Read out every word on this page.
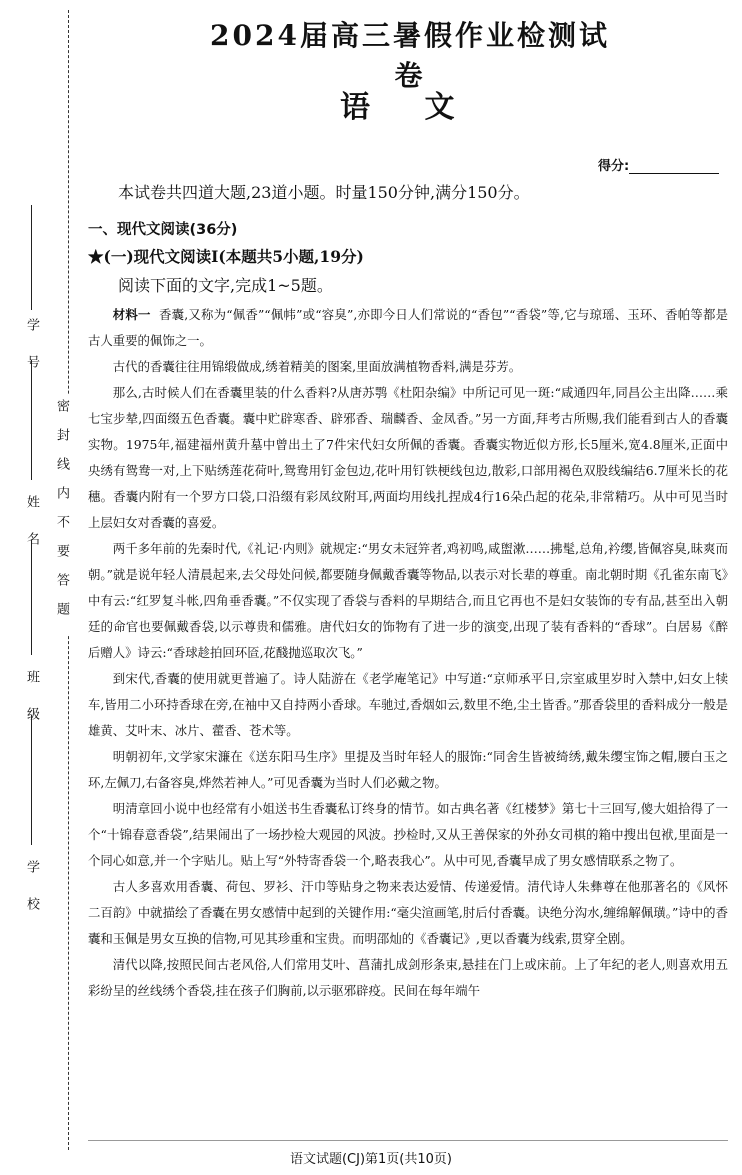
学 号
姓 名
班 级
学 校
密封线内不要答题
2024届高三暑假作业检测试卷
语 文
得分:
本试卷共四道大题,23道小题。时量150分钟,满分150分。
一、现代文阅读(36分)
★(一)现代文阅读Ⅰ(本题共5小题,19分)
阅读下面的文字,完成1~5题。

材料一 香囊,又称为“佩香”“佩帏”或“容臭”,亦即今日人们常说的“香包”“香袋”等,它与琼瑶、玉环、香帕等都是古人重要的佩饰之一。

古代的香囊往往用锦缎做成,绣着精美的图案,里面放满植物香料,满是芬芳。

那么,古时候人们在香囊里装的什么香料?从唐苏鹗《杜阳杂编》中所记可见一斑:“咸通四年,同昌公主出降……乘七宝步辇,四面缀五色香囊。囊中贮辟寒香、辟邪香、瑞麟香、金凤香。”另一方面,拜考古所赐,我们能看到古人的香囊实物。1975年,福建福州黄升墓中曾出土了7件宋代妇女所佩的香囊。香囊实物近似方形,长5厘米,宽4.8厘米,正面中央绣有鸳鸯一对,上下贴绣莲花荷叶,鸳鸯用钉金包边,花叶用钉铁梗线包边,散彩,口部用褐色双股线编结6.7厘米长的花穗。香囊内附有一个罗方口袋,口沿缀有彩凤纹附耳,两面均用线扎捏成4行16朵凸起的花朵,非常精巧。从中可见当时上层妇女对香囊的喜爱。

两千多年前的先秦时代,《礼记·内则》就规定:“男女未冠笄者,鸡初鸣,咸盥漱……拂髦,总角,衿缨,皆佩容臭,昧爽而朝。”就是说年轻人清晨起来,去父母处问候,都要随身佩戴香囊等物品,以表示对长辈的尊重。南北朝时期《孔雀东南飞》中有云:“红罗复斗帐,四角垂香囊。”不仅实现了香袋与香料的早期结合,而且它再也不是妇女装饰的专有品,甚至出入朝廷的命官也要佩戴香袋,以示尊贵和儒雅。唐代妇女的饰物有了进一步的演变,出现了装有香料的“香球”。白居易《醉后赠人》诗云:“香球趁拍回环匼,花醆抛巡取次飞。”

到宋代,香囊的使用就更普遍了。诗人陆游在《老学庵笔记》中写道:“京师承平日,宗室戚里岁时入禁中,妇女上犊车,皆用二小环持香球在旁,在袖中又自持两小香球。车驰过,香烟如云,数里不绝,尘土皆香。”那香袋里的香料成分一般是雄黄、艾叶末、冰片、藿香、苍术等。

明朝初年,文学家宋濂在《送东阳马生序》里提及当时年轻人的服饰:“同舍生皆被绮绣,戴朱缨宝饰之帽,腰白玉之环,左佩刀,右备容臭,烨然若神人。”可见香囊为当时人们必戴之物。

明清章回小说中也经常有小姐送书生香囊私订终身的情节。如古典名著《红楼梦》第七十三回写,傻大姐拾得了一个“十锦春意香袋”,结果闹出了一场抄检大观园的风波。抄检时,又从王善保家的外孙女司棋的箱中搜出包袱,里面是一个同心如意,并一个字贴儿。贴上写“外特寄香袋一个,略表我心”。从中可见,香囊早成了男女感情联系之物了。

古人多喜欢用香囊、荷包、罗衫、汗巾等贴身之物来表达爱情、传递爱情。清代诗人朱彝尊在他那著名的《风怀二百韵》中就描绘了香囊在男女感情中起到的关键作用:“毫尖渲画笔,肘后付香囊。诀绝分沟水,缠绵解佩璜。”诗中的香囊和玉佩是男女互换的信物,可见其珍重和宝贵。而明邵灿的《香囊记》,更以香囊为线索,贯穿全剧。

清代以降,按照民间古老风俗,人们常用艾叶、菖蒲扎成剑形条束,悬挂在门上或床前。上了年纪的老人,则喜欢用五彩纷呈的丝线绣个香袋,挂在孩子们胸前,以示驱邪辟疫。民间在每年端午

语文试题(CJ)第1页(共10页)
